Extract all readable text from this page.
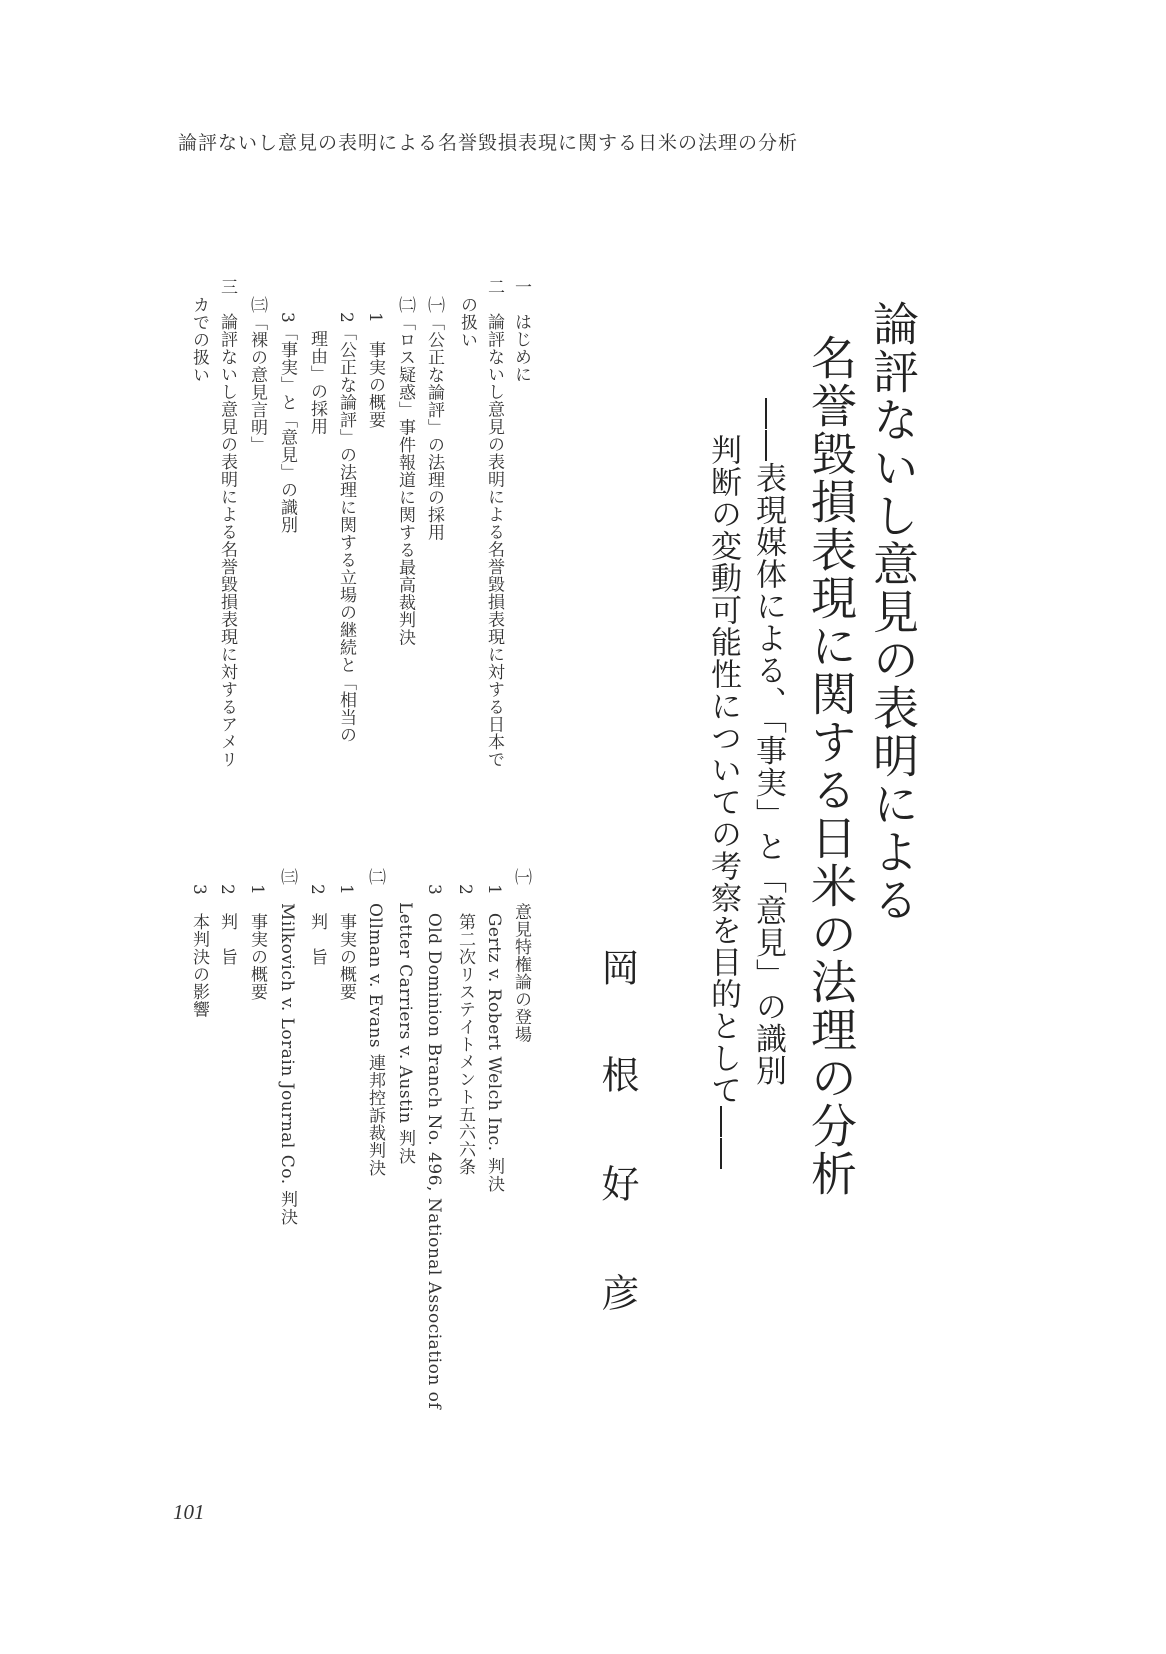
論評ないし意見の表明による名誉毀損表現に関する日米の法理の分析
論評ないし意見の表明による
名誉毀損表現に関する日米の法理の分析
――表現媒体による、「事実」と「意見」の識別
判断の変動可能性についての考察を目的として――
岡
根
好
彦
一　はじめに
二　論評ないし意見の表明による名誉毀損表現に対する日本で
の扱い
㈠「公正な論評」の法理の採用
㈡「ロス疑惑」事件報道に関する最高裁判決
1　事実の概要
2「公正な論評」の法理に関する立場の継続と「相当の
理由」の採用
3「事実」と「意見」の識別
㈢「裸の意見言明」
三　論評ないし意見の表明による名誉毀損表現に対するアメリ
カでの扱い
㈠　意見特権論の登場
1　Gertz v. Robert Welch Inc. 判決
2　第二次リステイトメント五六六条
3　Old Dominion Branch No. 496, National Association of
Letter Carriers v. Austin 判決
㈡　Ollman v. Evans 連邦控訴裁判決
1　事実の概要
2　判　旨
㈢　Milkovich v. Lorain Journal Co. 判決
1　事実の概要
2　判　旨
3　本判決の影響
101
